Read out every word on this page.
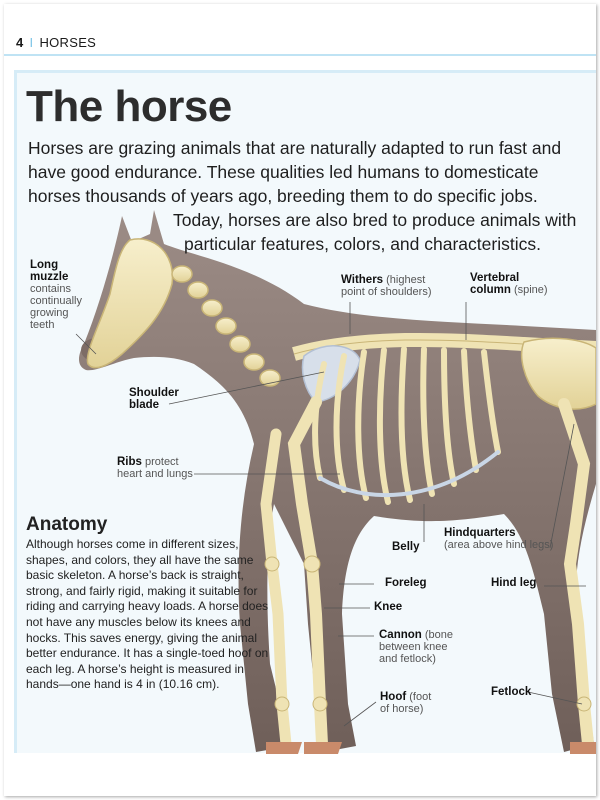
4 I HORSES
The horse
Horses are grazing animals that are naturally adapted to run fast and
have good endurance. These qualities led humans to domesticate
horses thousands of years ago, breeding them to do specific jobs.
Today, horses are also bred to produce animals with
particular features, colors, and characteristics.
Long
muzzle
contains
continually
growing
teeth
Withers (highest
point of shoulders)
Vertebral
column (spine)
Shoulder
blade
Ribs protect
heart and lungs
Belly
Hindquarters
(area above hind legs)
Foreleg	Hind leg
Knee
Cannon (bone
between knee
and fetlock)
Fetlock
Hoof (foot
of horse)
Anatomy

Although horses come in different sizes, shapes, and colors, they all have the same basic skeleton. A horse’s back is straight, strong, and fairly rigid, making it suitable for riding and carrying heavy loads. A horse does not have any muscles below its knees and hocks. This saves energy, giving the animal better endurance. It has a single-toed hoof on each leg. A horse’s height is measured in hands—one hand is 4 in (10.16 cm).
